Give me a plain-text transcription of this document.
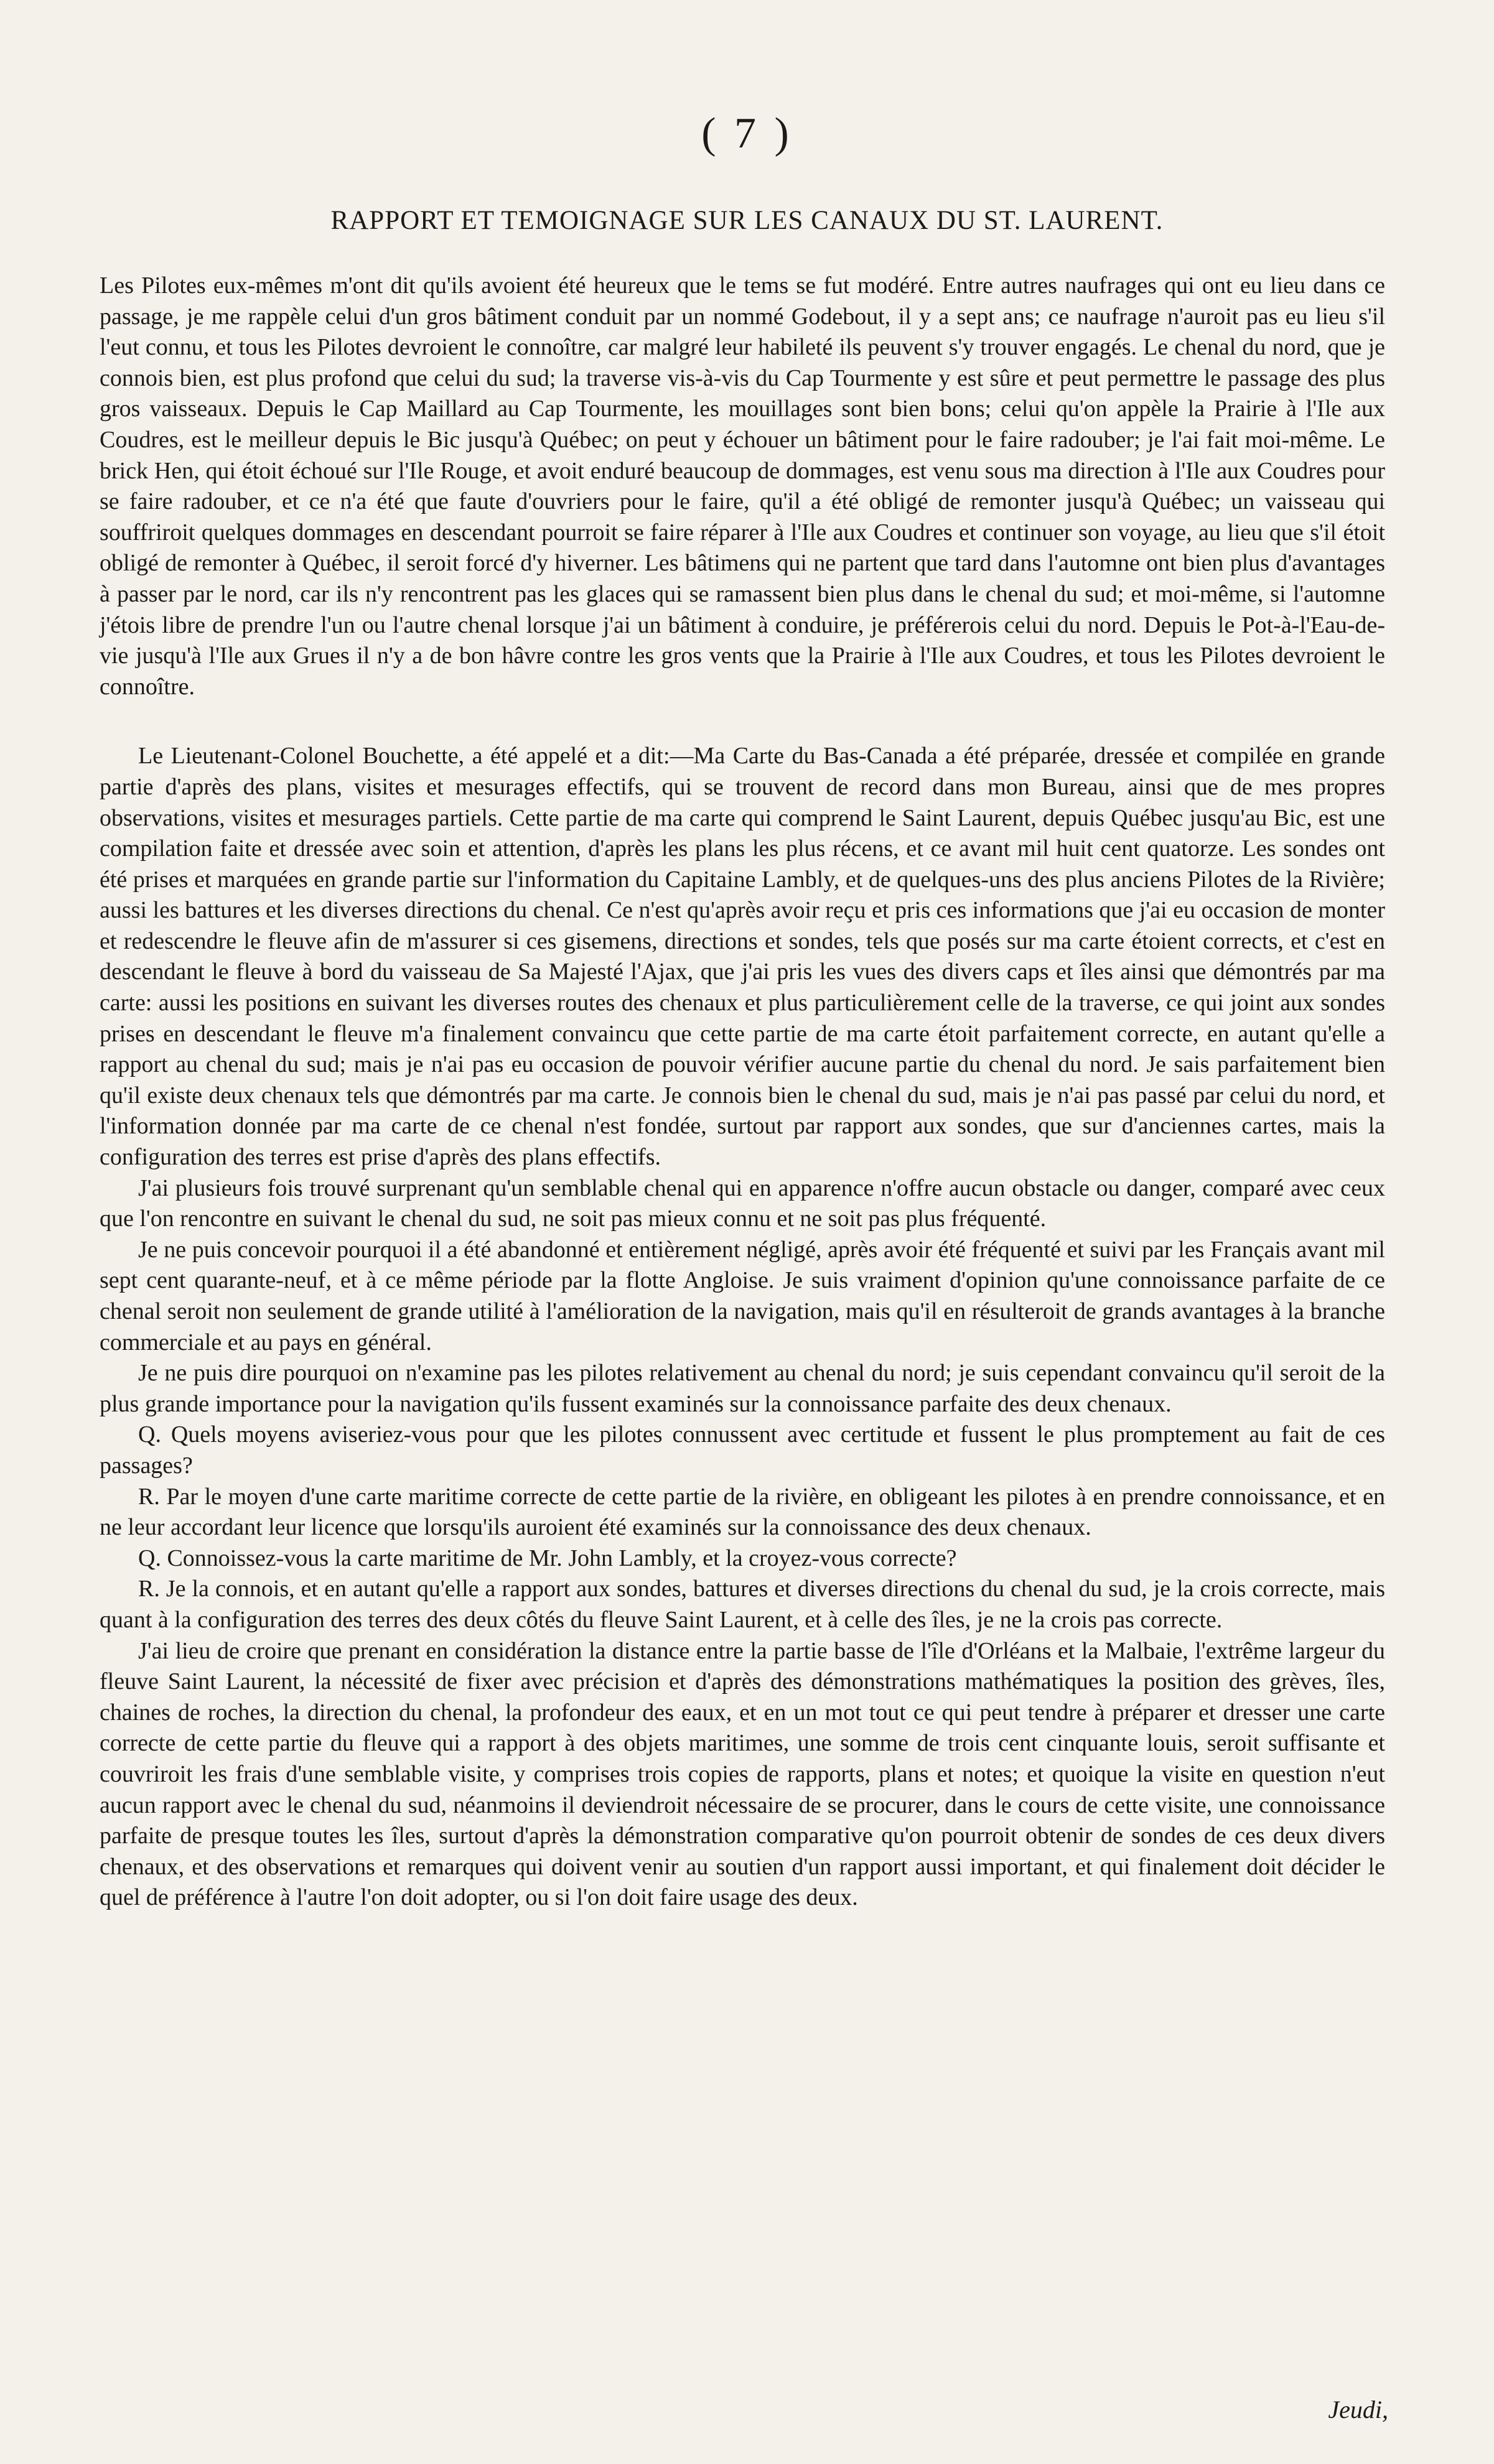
( 7 )
RAPPORT ET TEMOIGNAGE SUR LES CANAUX DU ST. LAURENT.

Les Pilotes eux-mêmes m'ont dit qu'ils avoient été heureux que le tems se fut modéré. Entre autres naufrages qui ont eu lieu dans ce passage, je me rappèle celui d'un gros bâtiment conduit par un nommé Godebout, il y a sept ans; ce naufrage n'auroit pas eu lieu s'il l'eut connu, et tous les Pilotes devroient le connoître, car malgré leur habileté ils peuvent s'y trouver engagés. Le chenal du nord, que je connois bien, est plus profond que celui du sud; la traverse vis-à-vis du Cap Tourmente y est sûre et peut permettre le passage des plus gros vaisseaux. Depuis le Cap Maillard au Cap Tourmente, les mouillages sont bien bons; celui qu'on appèle la Prairie à l'Ile aux Coudres, est le meilleur depuis le Bic jusqu'à Québec; on peut y échouer un bâtiment pour le faire radouber; je l'ai fait moi-même. Le brick Hen, qui étoit échoué sur l'Ile Rouge, et avoit enduré beaucoup de dommages, est venu sous ma direction à l'Ile aux Coudres pour se faire radouber, et ce n'a été que faute d'ouvriers pour le faire, qu'il a été obligé de remonter jusqu'à Québec; un vaisseau qui souffriroit quelques dommages en descendant pourroit se faire réparer à l'Ile aux Coudres et continuer son voyage, au lieu que s'il étoit obligé de remonter à Québec, il seroit forcé d'y hiverner. Les bâtimens qui ne partent que tard dans l'automne ont bien plus d'avantages à passer par le nord, car ils n'y rencontrent pas les glaces qui se ramassent bien plus dans le chenal du sud; et moi-même, si l'automne j'étois libre de prendre l'un ou l'autre chenal lorsque j'ai un bâtiment à conduire, je préférerois celui du nord. Depuis le Pot-à-l'Eau-de-vie jusqu'à l'Ile aux Grues il n'y a de bon hâvre contre les gros vents que la Prairie à l'Ile aux Coudres, et tous les Pilotes devroient le connoître.

Le Lieutenant-Colonel Bouchette, a été appelé et a dit:—Ma Carte du Bas-Canada a été préparée, dressée et compilée en grande partie d'après des plans, visites et mesurages effectifs, qui se trouvent de record dans mon Bureau, ainsi que de mes propres observations, visites et mesurages partiels. Cette partie de ma carte qui comprend le Saint Laurent, depuis Québec jusqu'au Bic, est une compilation faite et dressée avec soin et attention, d'après les plans les plus récens, et ce avant mil huit cent quatorze. Les sondes ont été prises et marquées en grande partie sur l'information du Capitaine Lambly, et de quelques-uns des plus anciens Pilotes de la Rivière; aussi les battures et les diverses directions du chenal. Ce n'est qu'après avoir reçu et pris ces informations que j'ai eu occasion de monter et redescendre le fleuve afin de m'assurer si ces gisemens, directions et sondes, tels que posés sur ma carte étoient corrects, et c'est en descendant le fleuve à bord du vaisseau de Sa Majesté l'Ajax, que j'ai pris les vues des divers caps et îles ainsi que démontrés par ma carte: aussi les positions en suivant les diverses routes des chenaux et plus particulièrement celle de la traverse, ce qui joint aux sondes prises en descendant le fleuve m'a finalement convaincu que cette partie de ma carte étoit parfaitement correcte, en autant qu'elle a rapport au chenal du sud; mais je n'ai pas eu occasion de pouvoir vérifier aucune partie du chenal du nord. Je sais parfaitement bien qu'il existe deux chenaux tels que démontrés par ma carte. Je connois bien le chenal du sud, mais je n'ai pas passé par celui du nord, et l'information donnée par ma carte de ce chenal n'est fondée, surtout par rapport aux sondes, que sur d'anciennes cartes, mais la configuration des terres est prise d'après des plans effectifs.

J'ai plusieurs fois trouvé surprenant qu'un semblable chenal qui en apparence n'offre aucun obstacle ou danger, comparé avec ceux que l'on rencontre en suivant le chenal du sud, ne soit pas mieux connu et ne soit pas plus fréquenté.

Je ne puis concevoir pourquoi il a été abandonné et entièrement négligé, après avoir été fréquenté et suivi par les Français avant mil sept cent quarante-neuf, et à ce même période par la flotte Angloise. Je suis vraiment d'opinion qu'une connoissance parfaite de ce chenal seroit non seulement de grande utilité à l'amélioration de la navigation, mais qu'il en résulteroit de grands avantages à la branche commerciale et au pays en général.

Je ne puis dire pourquoi on n'examine pas les pilotes relativement au chenal du nord; je suis cependant convaincu qu'il seroit de la plus grande importance pour la navigation qu'ils fussent examinés sur la connoissance parfaite des deux chenaux.

Q. Quels moyens aviseriez-vous pour que les pilotes connussent avec certitude et fussent le plus promptement au fait de ces passages?

R. Par le moyen d'une carte maritime correcte de cette partie de la rivière, en obligeant les pilotes à en prendre connoissance, et en ne leur accordant leur licence que lorsqu'ils auroient été examinés sur la connoissance des deux chenaux.

Q. Connoissez-vous la carte maritime de Mr. John Lambly, et la croyez-vous correcte?

R. Je la connois, et en autant qu'elle a rapport aux sondes, battures et diverses directions du chenal du sud, je la crois correcte, mais quant à la configuration des terres des deux côtés du fleuve Saint Laurent, et à celle des îles, je ne la crois pas correcte.

J'ai lieu de croire que prenant en considération la distance entre la partie basse de l'île d'Orléans et la Malbaie, l'extrême largeur du fleuve Saint Laurent, la nécessité de fixer avec précision et d'après des démonstrations mathématiques la position des grèves, îles, chaines de roches, la direction du chenal, la profondeur des eaux, et en un mot tout ce qui peut tendre à préparer et dresser une carte correcte de cette partie du fleuve qui a rapport à des objets maritimes, une somme de trois cent cinquante louis, seroit suffisante et couvriroit les frais d'une semblable visite, y comprises trois copies de rapports, plans et notes; et quoique la visite en question n'eut aucun rapport avec le chenal du sud, néanmoins il deviendroit nécessaire de se procurer, dans le cours de cette visite, une connoissance parfaite de presque toutes les îles, surtout d'après la démonstration comparative qu'on pourroit obtenir de sondes de ces deux divers chenaux, et des observations et remarques qui doivent venir au soutien d'un rapport aussi important, et qui finalement doit décider le quel de préférence à l'autre l'on doit adopter, ou si l'on doit faire usage des deux.

Jeudi,
